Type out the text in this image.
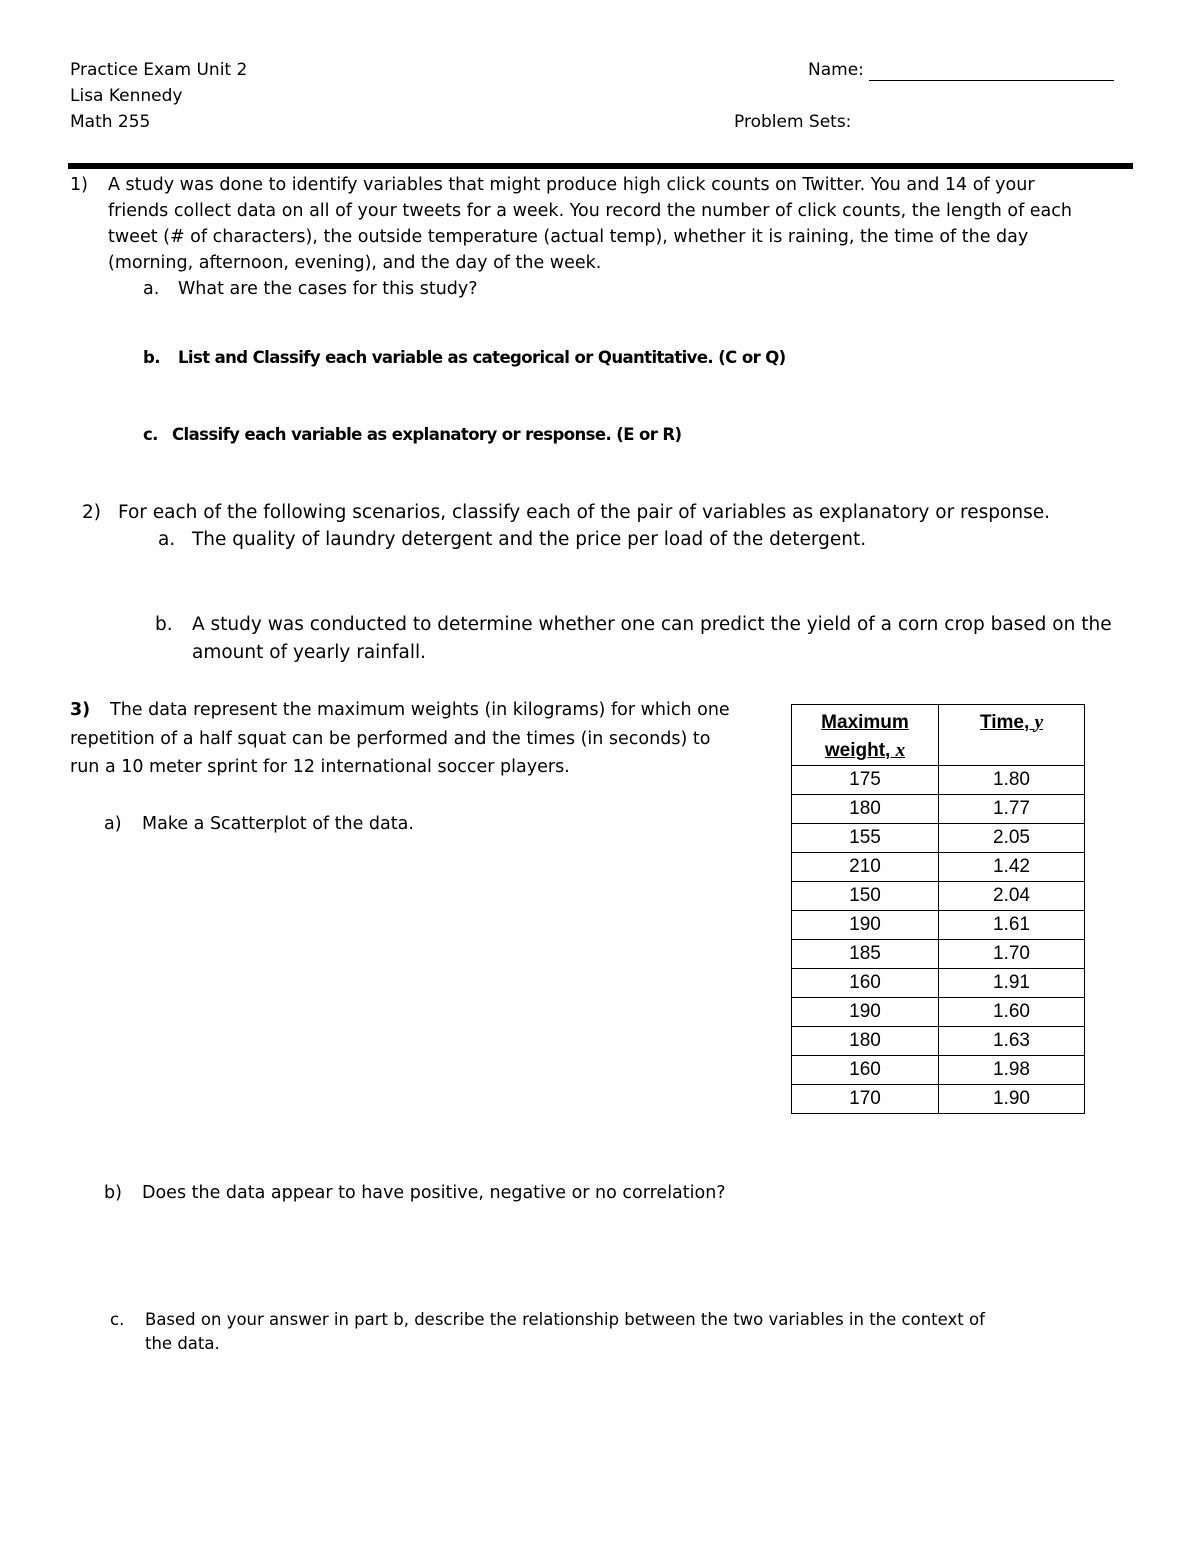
Practice Exam Unit 2
Lisa Kennedy
Math 255
Name:
Problem Sets:
1) A study was done to identify variables that might produce high click counts on Twitter. You and 14 of your
friends collect data on all of your tweets for a week. You record the number of click counts, the length of each
tweet (# of characters), the outside temperature (actual temp), whether it is raining, the time of the day
(morning, afternoon, evening), and the day of the week.
a. What are the cases for this study?
b. List and Classify each variable as categorical or Quantitative. (C or Q)
c. Classify each variable as explanatory or response. (E or R)
2) For each of the following scenarios, classify each of the pair of variables as explanatory or response.
a. The quality of laundry detergent and the price per load of the detergent.
b. A study was conducted to determine whether one can predict the yield of a corn crop based on the
amount of yearly rainfall.
3) The data represent the maximum weights (in kilograms) for which one
repetition of a half squat can be performed and the times (in seconds) to
run a 10 meter sprint for 12 international soccer players.
a) Make a Scatterplot of the data.
Maximum
weight, x	Time, y

175	1.80
180	1.77
155	2.05
210	1.42
150	2.04
190	1.61
185	1.70
160	1.91
190	1.60
180	1.63
160	1.98
170	1.90
b) Does the data appear to have positive, negative or no correlation?
c. Based on your answer in part b, describe the relationship between the two variables in the context of
the data.
